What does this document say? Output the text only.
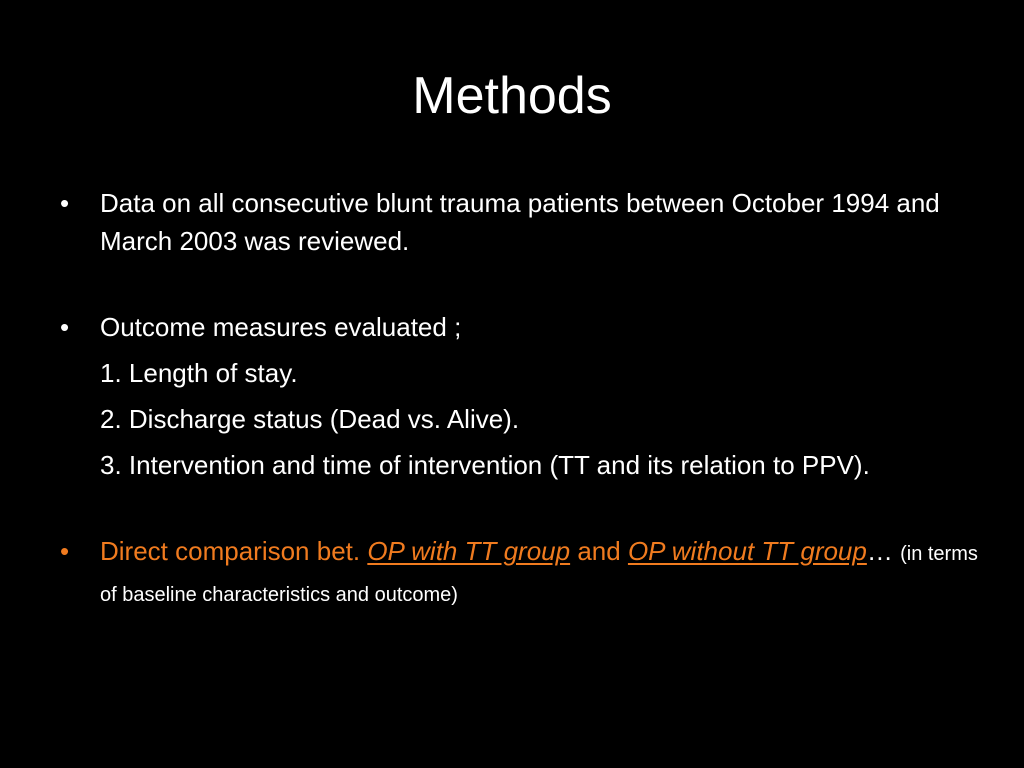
Methods
•	Data on all consecutive blunt trauma patients between October 1994 and March 2003 was reviewed.
•	Outcome measures evaluated ;
1. Length of stay.
2. Discharge status (Dead vs. Alive).
3. Intervention and time of intervention (TT and its relation to PPV).
•	Direct comparison bet. OP with TT group and OP without TT group… (in terms of baseline characteristics and outcome)
